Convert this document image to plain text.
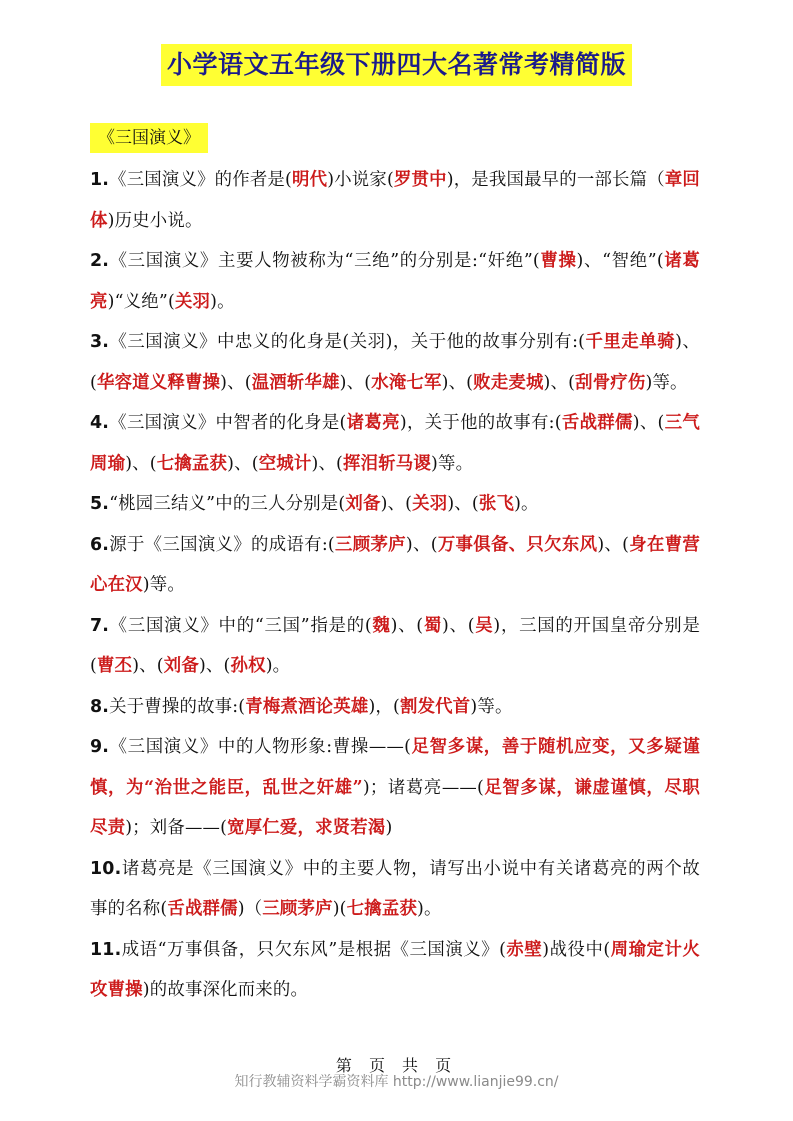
小学语文五年级下册四大名著常考精简版
《三国演义》
1.《三国演义》的作者是(明代)小说家(罗贯中)，是我国最早的一部长篇（章回体)历史小说。
2.《三国演义》主要人物被称为“三绝”的分别是:“奸绝”(曹操)、“智绝”(诸葛亮)“义绝”(关羽)。
3.《三国演义》中忠义的化身是(关羽)，关于他的故事分别有:(千里走单骑)、(华容道义释曹操)、(温酒斩华雄)、(水淹七军)、(败走麦城)、(刮骨疗伤)等。
4.《三国演义》中智者的化身是(诸葛亮)，关于他的故事有:(舌战群儒)、(三气周瑜)、(七擒孟获)、(空城计)、(挥泪斩马谡)等。
5.“桃园三结义”中的三人分别是(刘备)、(关羽)、(张飞)。
6.源于《三国演义》的成语有:(三顾茅庐)、(万事俱备、只欠东风)、(身在曹营心在汉)等。
7.《三国演义》中的“三国”指是的(魏)、(蜀)、(吴)，三国的开国皇帝分别是(曹丕)、(刘备)、(孙权)。
8.关于曹操的故事:(青梅煮酒论英雄)，(割发代首)等。
9.《三国演义》中的人物形象:曹操——(足智多谋，善于随机应变，又多疑谨慎，为“治世之能臣，乱世之奸雄”)；诸葛亮——(足智多谋，谦虚谨慎，尽职尽责)；刘备——(宽厚仁爱，求贤若渴)
10.诸葛亮是《三国演义》中的主要人物，请写出小说中有关诸葛亮的两个故事的名称(舌战群儒)（三顾茅庐)(七擒孟获)。
11.成语“万事俱备，只欠东风”是根据《三国演义》(赤壁)战役中(周瑜定计火攻曹操)的故事深化而来的。
第 页 共 页
知行教辅资料学霸资料库 http://www.lianjie99.cn/
